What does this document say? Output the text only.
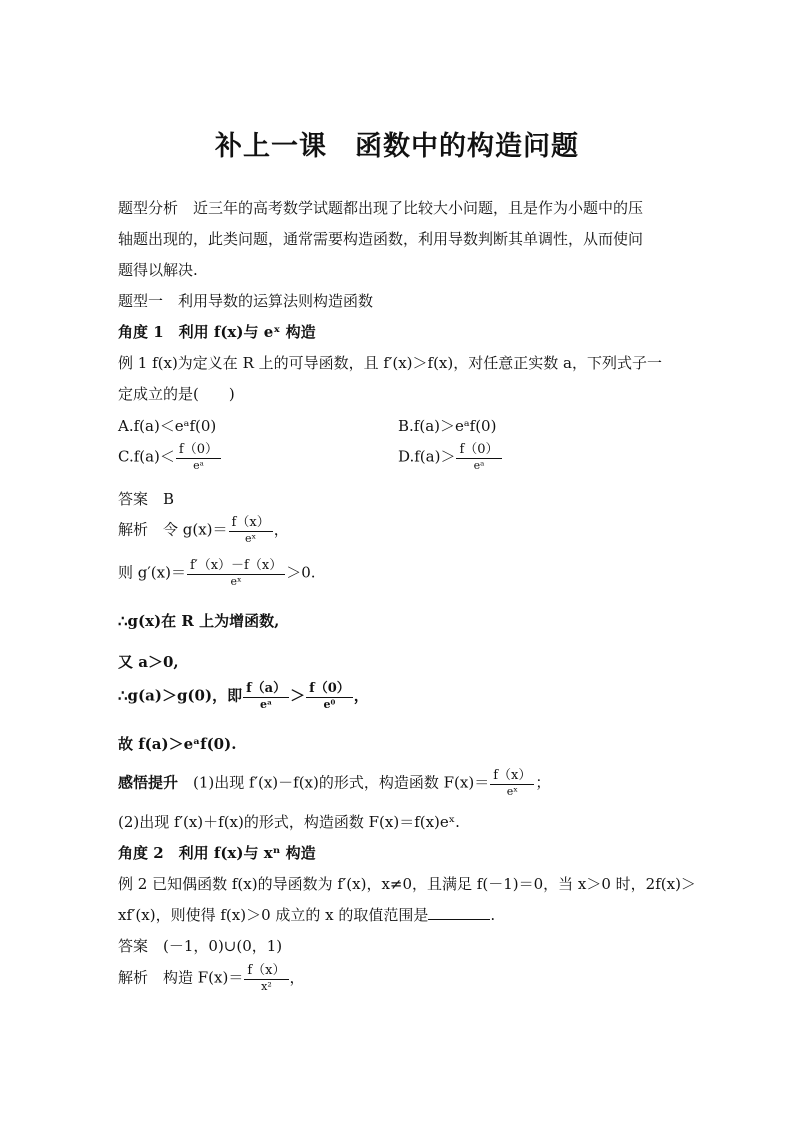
补上一课　函数中的构造问题
题型分析　近三年的高考数学试题都出现了比较大小问题，且是作为小题中的压
轴题出现的，此类问题，通常需要构造函数，利用导数判断其单调性，从而使问
题得以解决.
题型一　利用导数的运算法则构造函数
角度 1　利用 f(x)与 eˣ 构造
例 1 f(x)为定义在 R 上的可导函数，且 f′(x)＞f(x)，对任意正实数 a，下列式子一
定成立的是(　　)
A.f(a)＜eᵃf(0)	B.f(a)＞eᵃf(0)
$C.f(a)< \frac{f(0)}{\text{eᵃ}}$	$D.f(a)> \frac{f(0)}{\text{eᵃ}}$
答案　B
解析　令 $g(x)= \frac{f(x)}{\text{eˣ}}$ ，
则 $g'(x)= \frac{f'(x)-f(x)}{\text{eˣ}} >0$.
∴g(x)在 R 上为增函数,
又 a＞0,
∴g(a)＞g(0)，即 $\frac{f(a)}{\text{eᵃ}} > \frac{f(0)}{\text{e⁰}}$ ，
故 f(a)＞eᵃf(0).
感悟提升　(1)出现 f′(x)－f(x)的形式，构造函数 $F(x)= \frac{f(x)}{\text{eˣ}}$ ；
(2)出现 f′(x)＋f(x)的形式，构造函数 F(x)＝f(x)eˣ.
角度 2　利用 f(x)与 xⁿ 构造
例 2 已知偶函数 f(x)的导函数为 f′(x)，x≠0，且满足 f(－1)＝0，当 x＞0 时，2f(x)＞
xf′(x)，则使得 f(x)＞0 成立的 x 的取值范围是	.
答案　(－1，0)∪(0，1)
解析　构造 $F(x)= \frac{f(x)}{\text{x²}}$ ，
